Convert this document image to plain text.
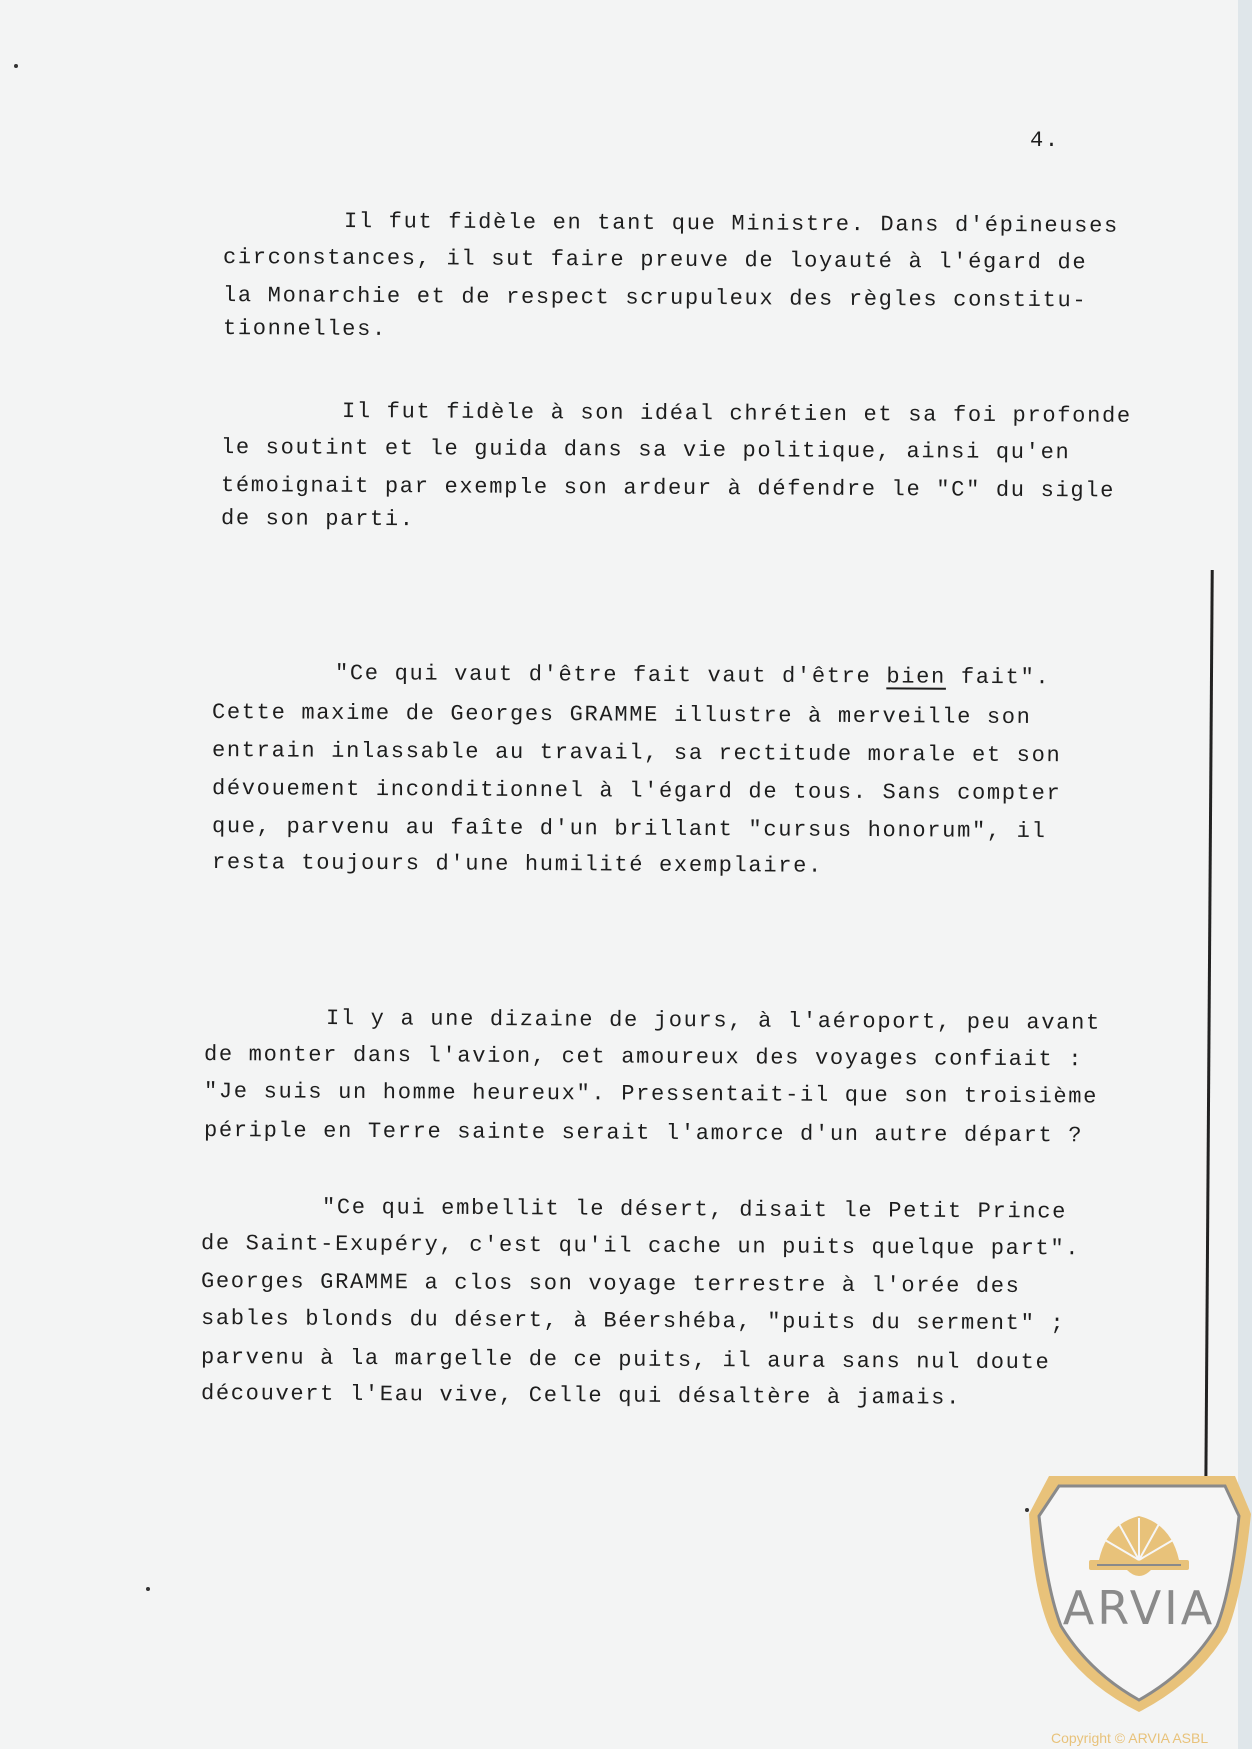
4.
Il fut fidèle en tant que Ministre. Dans d'épineuses
circonstances, il sut faire preuve de loyauté à l'égard de
la Monarchie et de respect scrupuleux des règles constitu-
tionnelles.
Il fut fidèle à son idéal chrétien et sa foi profonde
le soutint et le guida dans sa vie politique, ainsi qu'en
témoignait par exemple son ardeur à défendre le "C" du sigle
de son parti.
"Ce qui vaut d'être fait vaut d'être bien fait".
Cette maxime de Georges GRAMME illustre à merveille son
entrain inlassable au travail, sa rectitude morale et son
dévouement inconditionnel à l'égard de tous. Sans compter
que, parvenu au faîte d'un brillant "cursus honorum", il
resta toujours d'une humilité exemplaire.
Il y a une dizaine de jours, à l'aéroport, peu avant
de monter dans l'avion, cet amoureux des voyages confiait :
"Je suis un homme heureux". Pressentait-il que son troisième
périple en Terre sainte serait l'amorce d'un autre départ ?
"Ce qui embellit le désert, disait le Petit Prince
de Saint-Exupéry, c'est qu'il cache un puits quelque part".
Georges GRAMME a clos son voyage terrestre à l'orée des
sables blonds du désert, à Béershéba, "puits du serment" ;
parvenu à la margelle de ce puits, il aura sans nul doute
découvert l'Eau vive, Celle qui désaltère à jamais.
ARVIA
Copyright © ARVIA ASBL
